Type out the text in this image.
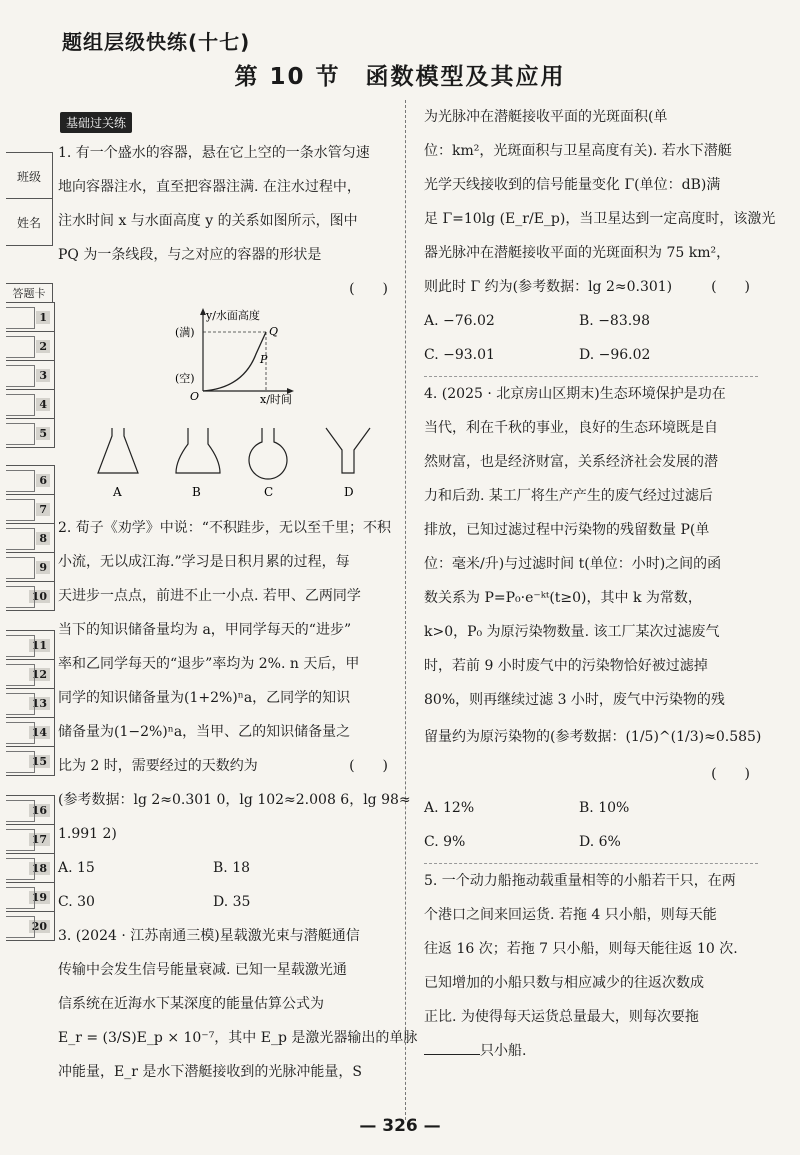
题组层级快练(十七)
第 10 节　函数模型及其应用
班级
姓名
答题卡
1
2
3
4
5
6
7
8
9
10
11
12
13
14
15
16
17
18
19
20
基础过关练
1. 有一个盛水的容器，悬在它上空的一条水管匀速
地向容器注水，直至把容器注满. 在注水过程中，
注水时间 x 与水面高度 y 的关系如图所示，图中
PQ 为一条线段，与之对应的容器的形状是
(　　)
y/水面高度
x/时间
(满)
(空)
O
Q
P
A	B	C	D
2. 荀子《劝学》中说：“不积跬步，无以至千里；不积
小流，无以成江海.”学习是日积月累的过程，每
天进步一点点，前进不止一小点. 若甲、乙两同学
当下的知识储备量均为 a，甲同学每天的“进步”
率和乙同学每天的“退步”率均为 2%. n 天后，甲
同学的知识储备量为(1+2%)ⁿa，乙同学的知识
储备量为(1−2%)ⁿa，当甲、乙的知识储备量之
比为 2 时，需要经过的天数约为	(　　)
(参考数据：lg 2≈0.301 0，lg 102≈2.008 6，lg 98≈
1.991 2)
A. 15	B. 18
C. 30	D. 35
3. (2024 · 江苏南通三模)星载激光束与潜艇通信
传输中会发生信号能量衰减. 已知一星载激光通
信系统在近海水下某深度的能量估算公式为
E_r = (3/S)E_p × 10⁻⁷，其中 E_p 是激光器输出的单脉
冲能量，E_r 是水下潜艇接收到的光脉冲能量，S
为光脉冲在潜艇接收平面的光斑面积(单
位：km²，光斑面积与卫星高度有关). 若水下潜艇
光学天线接收到的信号能量变化 Γ(单位：dB)满
足 Γ=10lg (E_r/E_p)，当卫星达到一定高度时，该激光
器光脉冲在潜艇接收平面的光斑面积为 75 km²，
则此时 Γ 约为(参考数据：lg 2≈0.301)	(　　)
A. −76.02	B. −83.98
C. −93.01	D. −96.02
4. (2025 · 北京房山区期末)生态环境保护是功在
当代，利在千秋的事业，良好的生态环境既是自
然财富，也是经济财富，关系经济社会发展的潜
力和后劲. 某工厂将生产产生的废气经过过滤后
排放，已知过滤过程中污染物的残留数量 P(单
位：毫米/升)与过滤时间 t(单位：小时)之间的函
数关系为 P=P₀·e⁻ᵏᵗ(t≥0)，其中 k 为常数，
k>0，P₀ 为原污染物数量. 该工厂某次过滤废气
时，若前 9 小时废气中的污染物恰好被过滤掉
80%，则再继续过滤 3 小时，废气中污染物的残
留量约为原污染物的(参考数据：(1/5)^(1/3)≈0.585)
(　　)
A. 12%	B. 10%
C. 9%	D. 6%
5. 一个动力船拖动载重量相等的小船若干只，在两
个港口之间来回运货. 若拖 4 只小船，则每天能
往返 16 次；若拖 7 只小船，则每天能往返 10 次.
已知增加的小船只数与相应减少的往返次数成
正比. 为使得每天运货总量最大，则每次要拖
只小船.
— 326 —
